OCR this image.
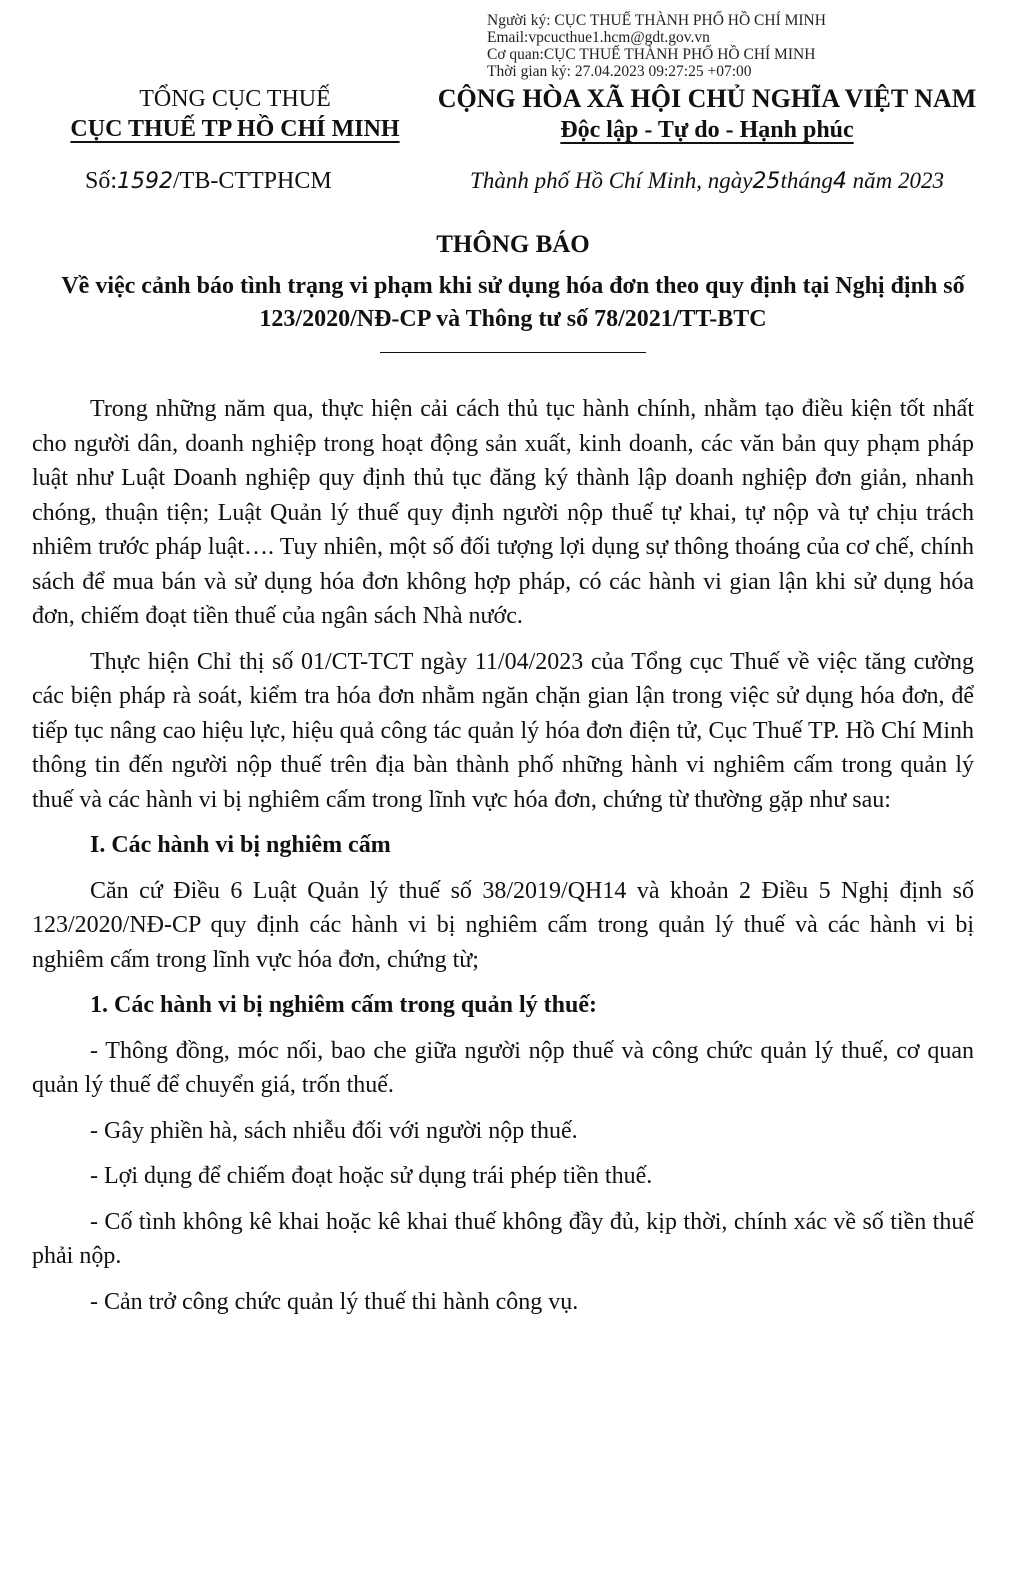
Người ký: CỤC THUẾ THÀNH PHỐ HỒ CHÍ MINH
Email:vpcucthue1.hcm@gdt.gov.vn
Cơ quan:CỤC THUẾ THÀNH PHỐ HỒ CHÍ MINH
Thời gian ký: 27.04.2023 09:27:25 +07:00
TỔNG CỤC THUẾ
CỤC THUẾ TP HỒ CHÍ MINH
Số:1592/TB-CTTPHCM
CỘNG HÒA XÃ HỘI CHỦ NGHĨA VIỆT NAM
Độc lập - Tự do - Hạnh phúc
Thành phố Hồ Chí Minh, ngày25tháng4 năm 2023
THÔNG BÁO
Về việc cảnh báo tình trạng vi phạm khi sử dụng hóa đơn theo quy định tại Nghị định số 123/2020/NĐ-CP và Thông tư số 78/2021/TT-BTC

Trong những năm qua, thực hiện cải cách thủ tục hành chính, nhằm tạo điều kiện tốt nhất cho người dân, doanh nghiệp trong hoạt động sản xuất, kinh doanh, các văn bản quy phạm pháp luật như Luật Doanh nghiệp quy định thủ tục đăng ký thành lập doanh nghiệp đơn giản, nhanh chóng, thuận tiện; Luật Quản lý thuế quy định người nộp thuế tự khai, tự nộp và tự chịu trách nhiêm trước pháp luật…. Tuy nhiên, một số đối tượng lợi dụng sự thông thoáng của cơ chế, chính sách để mua bán và sử dụng hóa đơn không hợp pháp, có các hành vi gian lận khi sử dụng hóa đơn, chiếm đoạt tiền thuế của ngân sách Nhà nước.

Thực hiện Chỉ thị số 01/CT-TCT ngày 11/04/2023 của Tổng cục Thuế về việc tăng cường các biện pháp rà soát, kiểm tra hóa đơn nhằm ngăn chặn gian lận trong việc sử dụng hóa đơn, để tiếp tục nâng cao hiệu lực, hiệu quả công tác quản lý hóa đơn điện tử, Cục Thuế TP. Hồ Chí Minh thông tin đến người nộp thuế trên địa bàn thành phố những hành vi nghiêm cấm trong quản lý thuế và các hành vi bị nghiêm cấm trong lĩnh vực hóa đơn, chứng từ thường gặp như sau:

I. Các hành vi bị nghiêm cấm

Căn cứ Điều 6 Luật Quản lý thuế số 38/2019/QH14 và khoản 2 Điều 5 Nghị định số 123/2020/NĐ-CP quy định các hành vi bị nghiêm cấm trong quản lý thuế và các hành vi bị nghiêm cấm trong lĩnh vực hóa đơn, chứng từ;

1. Các hành vi bị nghiêm cấm trong quản lý thuế:

- Thông đồng, móc nối, bao che giữa người nộp thuế và công chức quản lý thuế, cơ quan quản lý thuế để chuyển giá, trốn thuế.

- Gây phiền hà, sách nhiễu đối với người nộp thuế.

- Lợi dụng để chiếm đoạt hoặc sử dụng trái phép tiền thuế.

- Cố tình không kê khai hoặc kê khai thuế không đầy đủ, kịp thời, chính xác về số tiền thuế phải nộp.

- Cản trở công chức quản lý thuế thi hành công vụ.
